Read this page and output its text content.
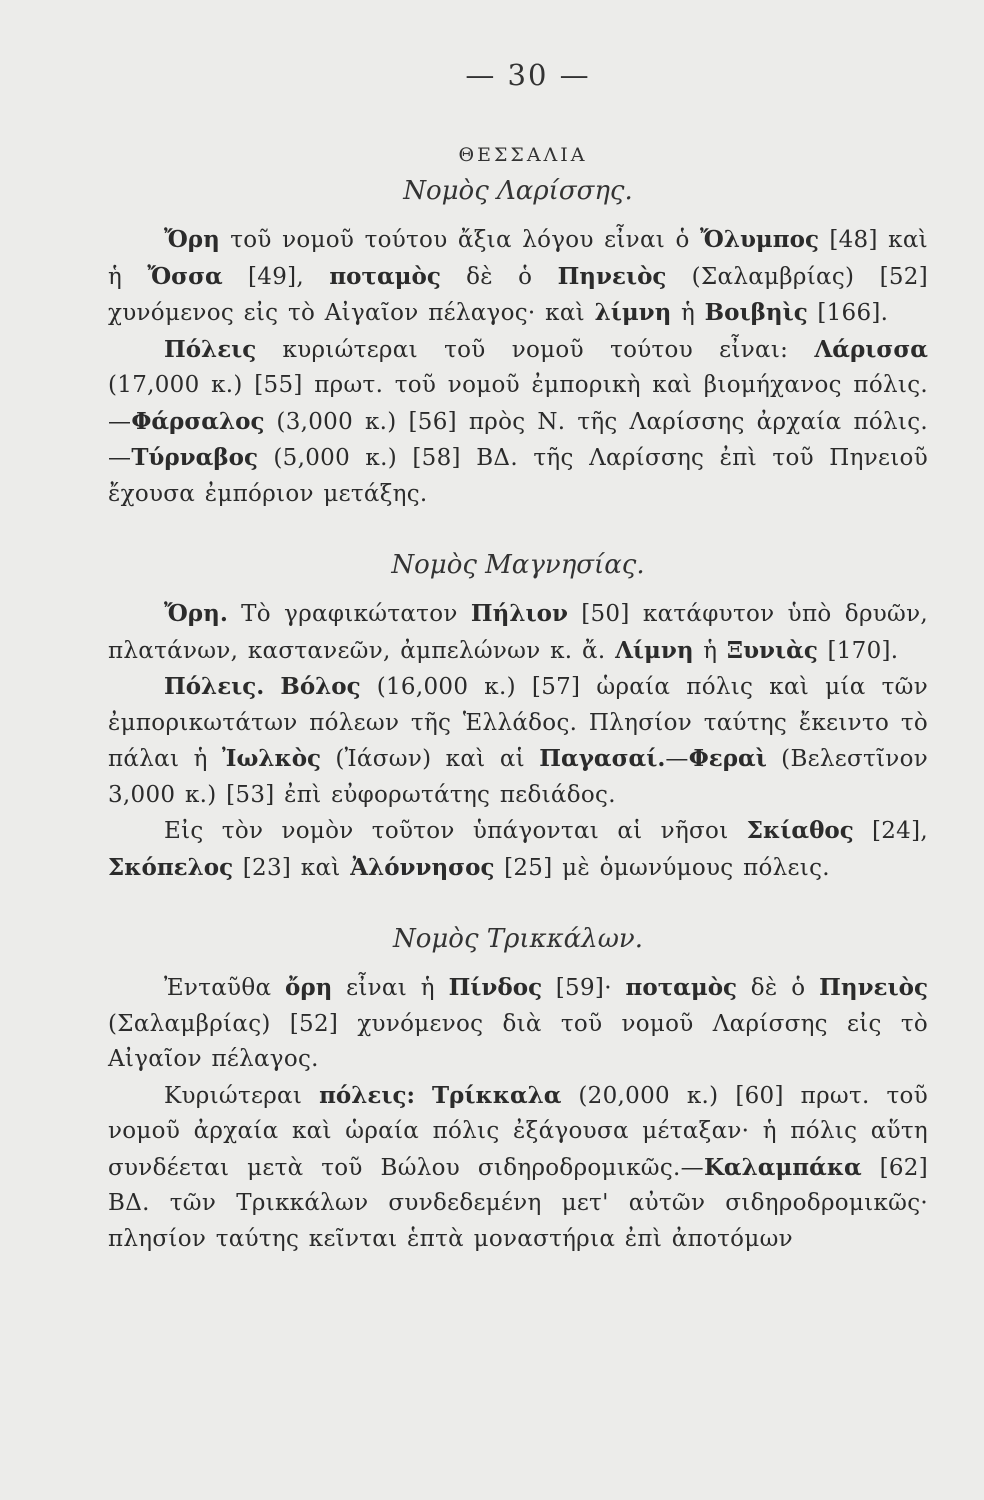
— 30 —
ΘΕΣΣΑΛΙΑ
Νομὸς Λαρίσσης.

Ὄρη τοῦ νομοῦ τούτου ἄξια λόγου εἶναι ὁ Ὄλυμπος [48] καὶ ἡ Ὄσσα [49], ποταμὸς δὲ ὁ Πηνειὸς (Σαλαμβρίας) [52] χυνόμενος εἰς τὸ Αἰγαῖον πέλαγος· καὶ λίμνη ἡ Βοιβηὶς [166].

Πόλεις κυριώτεραι τοῦ νομοῦ τούτου εἶναι: Λάρισσα (17,000 κ.) [55] πρωτ. τοῦ νομοῦ ἐμπορικὴ καὶ βιομήχανος πόλις.—Φάρσαλος (3,000 κ.) [56] πρὸς Ν. τῆς Λαρίσσης ἀρχαία πόλις.—Τύρναβος (5,000 κ.) [58] ΒΔ. τῆς Λαρίσσης ἐπὶ τοῦ Πηνειοῦ ἔχουσα ἐμπόριον μετάξης.

Νομὸς Μαγνησίας.

Ὄρη. Τὸ γραφικώτατον Πήλιον [50] κατάφυτον ὑπὸ δρυῶν, πλατάνων, καστανεῶν, ἀμπελώνων κ. ἄ. Λίμνη ἡ Ξυνιὰς [170].

Πόλεις. Βόλος (16,000 κ.) [57] ὡραία πόλις καὶ μία τῶν ἐμπορικωτάτων πόλεων τῆς Ἑλλάδος. Πλησίον ταύτης ἔκειντο τὸ πάλαι ἡ Ἰωλκὸς (Ἰάσων) καὶ αἱ Παγασαί.—Φεραὶ (Βελεστῖνον 3,000 κ.) [53] ἐπὶ εὐφορωτάτης πεδιάδος.

Εἰς τὸν νομὸν τοῦτον ὑπάγονται αἱ νῆσοι Σκίαθος [24], Σκόπελος [23] καὶ Ἀλόννησος [25] μὲ ὁμωνύμους πόλεις.

Νομὸς Τρικκάλων.

Ἐνταῦθα ὄρη εἶναι ἡ Πίνδος [59]· ποταμὸς δὲ ὁ Πηνειὸς (Σαλαμβρίας) [52] χυνόμενος διὰ τοῦ νομοῦ Λαρίσσης εἰς τὸ Αἰγαῖον πέλαγος.

Κυριώτεραι πόλεις: Τρίκκαλα (20,000 κ.) [60] πρωτ. τοῦ νομοῦ ἀρχαία καὶ ὡραία πόλις ἐξάγουσα μέταξαν· ἡ πόλις αὕτη συνδέεται μετὰ τοῦ Βώλου σιδηροδρομικῶς.—Καλαμπάκα [62] ΒΔ. τῶν Τρικκάλων συνδεδεμένη μετ' αὐτῶν σιδηροδρομικῶς· πλησίον ταύτης κεῖνται ἑπτὰ μοναστήρια ἐπὶ ἀποτόμων
